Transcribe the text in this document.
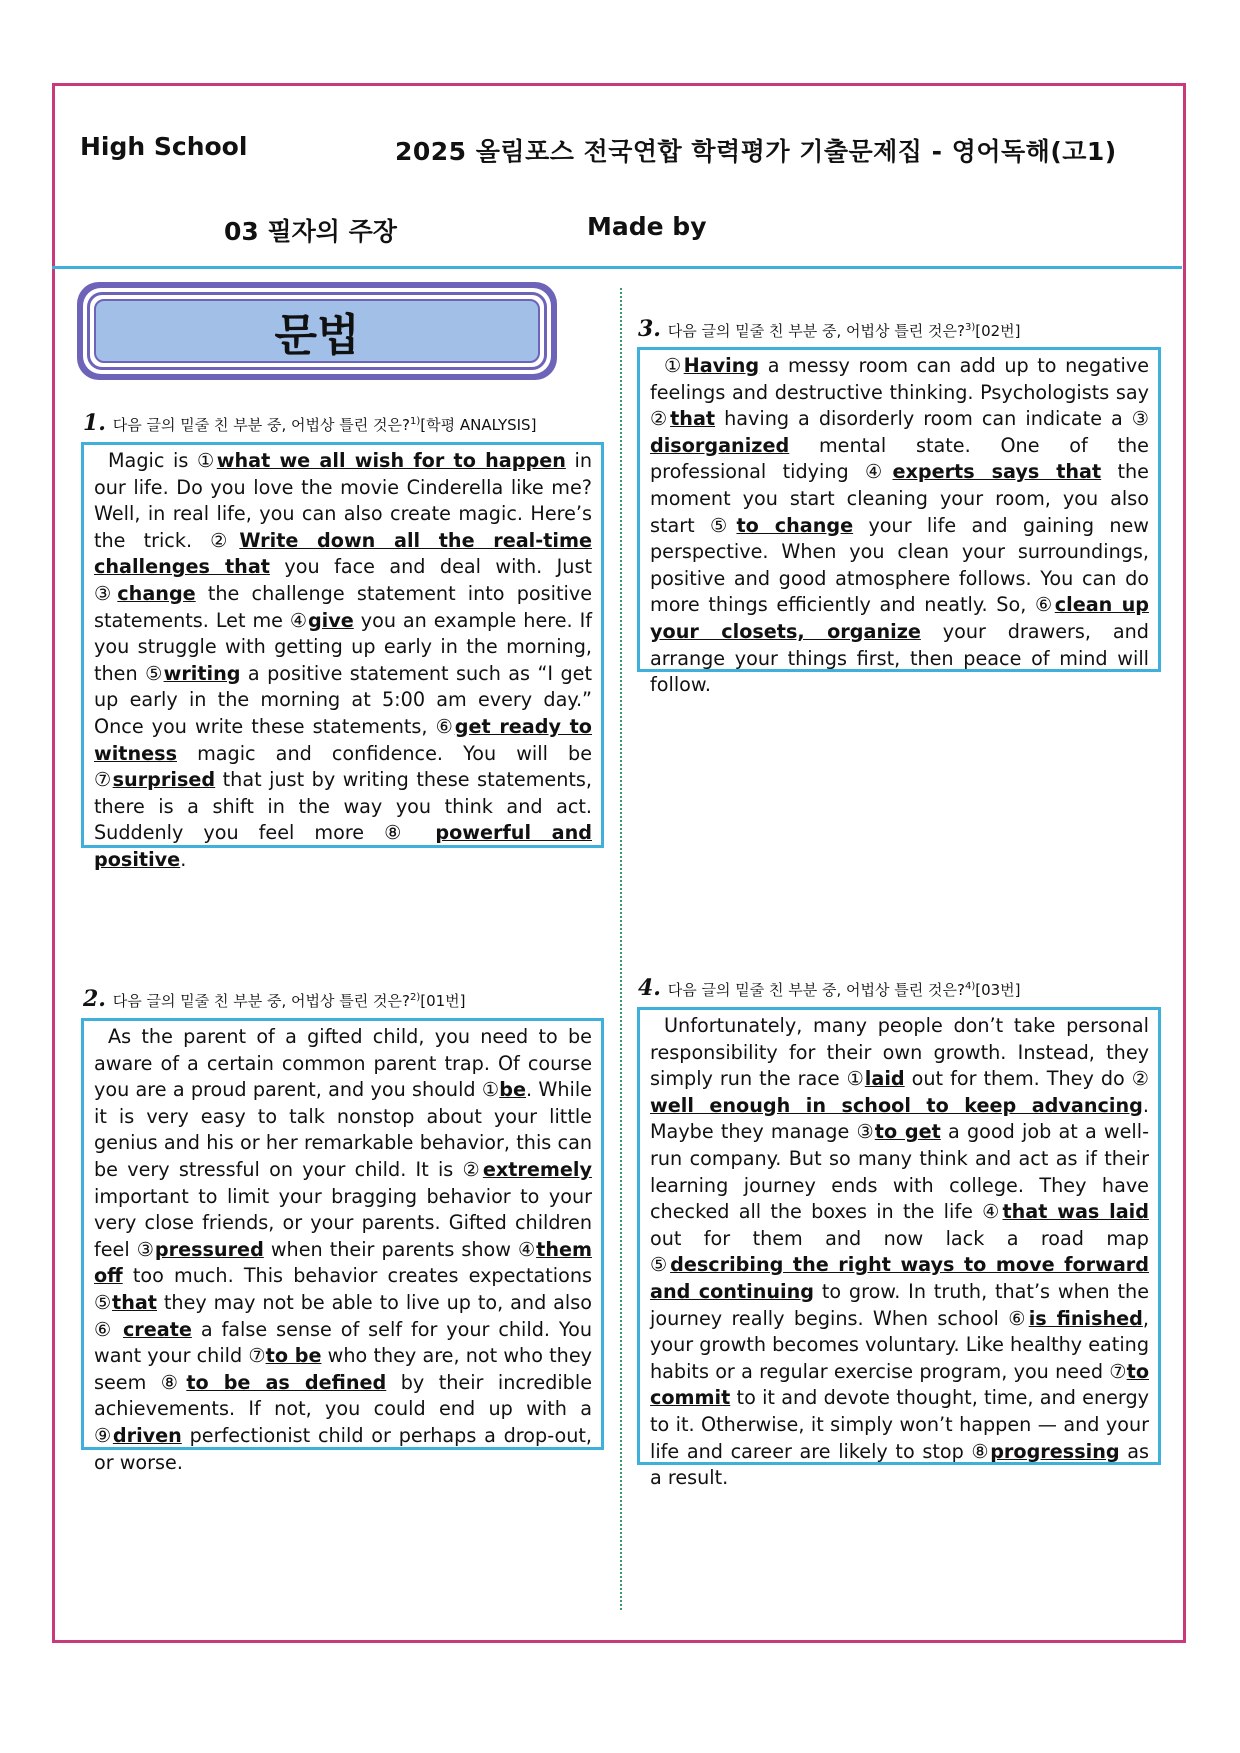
High School	2025 올림포스 전국연합 학력평가 기출문제집 - 영어독해(고1)
03 필자의 주장	Made by
문법
1. 다음 글의 밑줄 친 부분 중, 어법상 틀린 것은?$^{1)}$[학평 ANALYSIS]

Magic is ①what we all wish for to happen in our life. Do you love the movie Cinderella like me? Well, in real life, you can also create magic. Here’s the trick. ②Write down all the real-time challenges that you face and deal with. Just ③change the challenge statement into positive statements. Let me ④give you an example here. If you struggle with getting up early in the morning, then ⑤writing a positive statement such as “I get up early in the morning at 5:00 am every day.” Once you write these statements, ⑥get ready to witness magic and confidence. You will be ⑦surprised that just by writing these statements, there is a shift in the way you think and act. Suddenly you feel more ⑧ powerful and positive.

2. 다음 글의 밑줄 친 부분 중, 어법상 틀린 것은?$^{2)}$[01번]

As the parent of a gifted child, you need to be aware of a certain common parent trap. Of course you are a proud parent, and you should ①be. While it is very easy to talk nonstop about your little genius and his or her remarkable behavior, this can be very stressful on your child. It is ②extremely important to limit your bragging behavior to your very close friends, or your parents. Gifted children feel ③pressured when their parents show ④them off too much. This behavior creates expectations ⑤that they may not be able to live up to, and also ⑥ create a false sense of self for your child. You want your child ⑦to be who they are, not who they seem ⑧to be as defined by their incredible achievements. If not, you could end up with a ⑨driven perfectionist child or perhaps a drop-out, or worse.

3. 다음 글의 밑줄 친 부분 중, 어법상 틀린 것은?$^{3)}$[02번]

①Having a messy room can add up to negative feelings and destructive thinking. Psychologists say ②that having a disorderly room can indicate a ③ disorganized mental state. One of the professional tidying ④experts says that the moment you start cleaning your room, you also start ⑤to change your life and gaining new perspective. When you clean your surroundings, positive and good atmosphere follows. You can do more things efficiently and neatly. So, ⑥clean up your closets, organize your drawers, and arrange your things first, then peace of mind will follow.

4. 다음 글의 밑줄 친 부분 중, 어법상 틀린 것은?$^{4)}$[03번]

Unfortunately, many people don’t take personal responsibility for their own growth. Instead, they simply run the race ①laid out for them. They do ② well enough in school to keep advancing. Maybe they manage ③to get a good job at a well-run company. But so many think and act as if their learning journey ends with college. They have checked all the boxes in the life ④that was laid out for them and now lack a road map ⑤describing the right ways to move forward and continuing to grow. In truth, that’s when the journey really begins. When school ⑥is finished, your growth becomes voluntary. Like healthy eating habits or a regular exercise program, you need ⑦to commit to it and devote thought, time, and energy to it. Otherwise, it simply won’t happen — and your life and career are likely to stop ⑧progressing as a result.
